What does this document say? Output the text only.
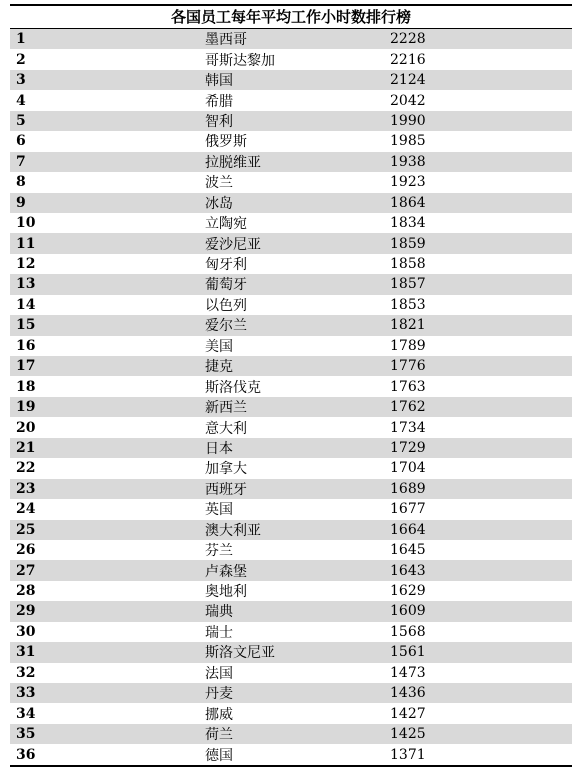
各国员工每年平均工作小时数排行榜
1	墨西哥	2228
2	哥斯达黎加	2216
3	韩国	2124
4	希腊	2042
5	智利	1990
6	俄罗斯	1985
7	拉脱维亚	1938
8	波兰	1923
9	冰岛	1864
10	立陶宛	1834
11	爱沙尼亚	1859
12	匈牙利	1858
13	葡萄牙	1857
14	以色列	1853
15	爱尔兰	1821
16	美国	1789
17	捷克	1776
18	斯洛伐克	1763
19	新西兰	1762
20	意大利	1734
21	日本	1729
22	加拿大	1704
23	西班牙	1689
24	英国	1677
25	澳大利亚	1664
26	芬兰	1645
27	卢森堡	1643
28	奥地利	1629
29	瑞典	1609
30	瑞士	1568
31	斯洛文尼亚	1561
32	法国	1473
33	丹麦	1436
34	挪威	1427
35	荷兰	1425
36	德国	1371
